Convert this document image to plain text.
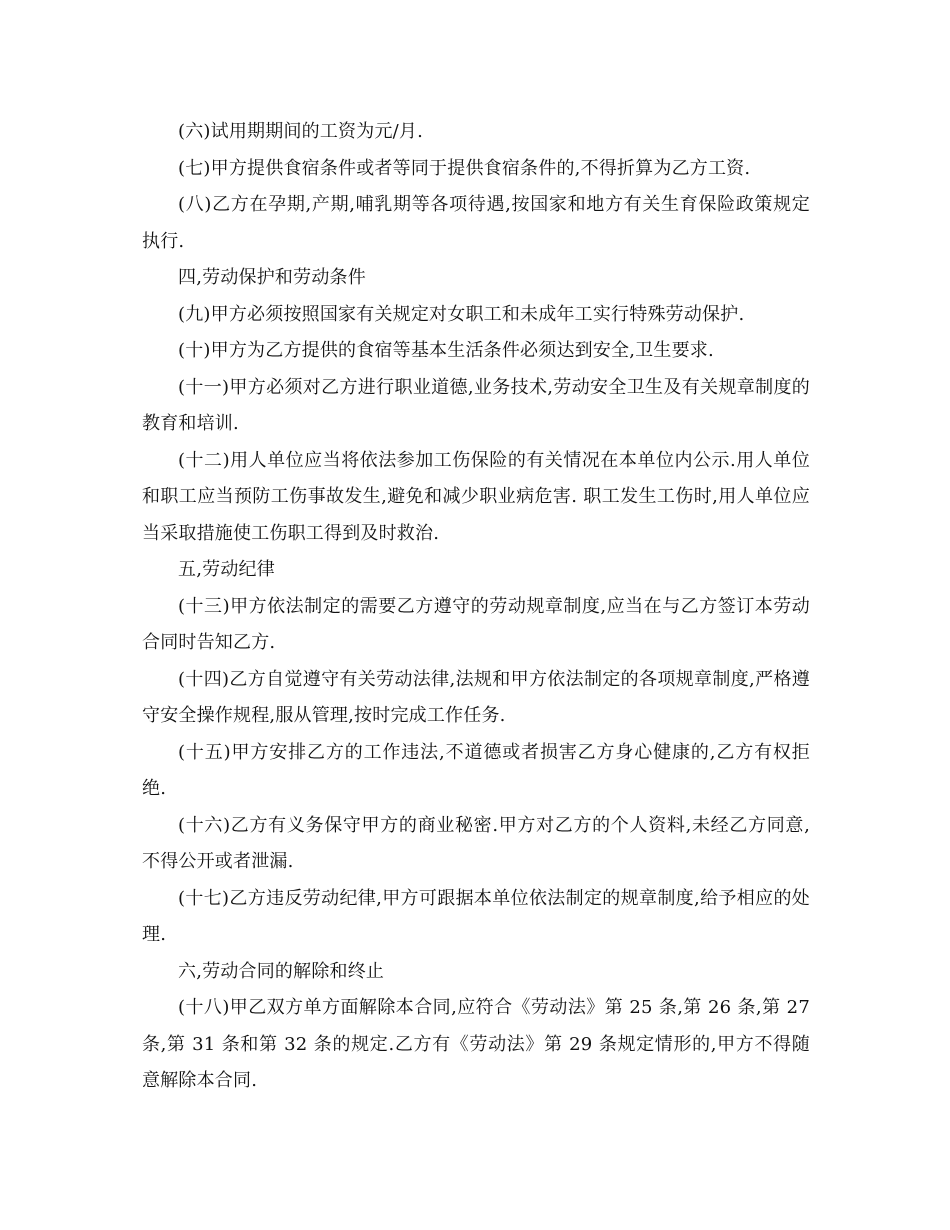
(六)试用期期间的工资为元/月.

(七)甲方提供食宿条件或者等同于提供食宿条件的,不得折算为乙方工资.

(八)乙方在孕期,产期,哺乳期等各项待遇,按国家和地方有关生育保险政策规定执行.

四,劳动保护和劳动条件

(九)甲方必须按照国家有关规定对女职工和未成年工实行特殊劳动保护.

(十)甲方为乙方提供的食宿等基本生活条件必须达到安全,卫生要求.

(十一)甲方必须对乙方进行职业道德,业务技术,劳动安全卫生及有关规章制度的教育和培训.

(十二)用人单位应当将依法参加工伤保险的有关情况在本单位内公示.用人单位和职工应当预防工伤事故发生,避免和减少职业病危害. 职工发生工伤时,用人单位应当采取措施使工伤职工得到及时救治.

五,劳动纪律

(十三)甲方依法制定的需要乙方遵守的劳动规章制度,应当在与乙方签订本劳动合同时告知乙方.

(十四)乙方自觉遵守有关劳动法律,法规和甲方依法制定的各项规章制度,严格遵守安全操作规程,服从管理,按时完成工作任务.

(十五)甲方安排乙方的工作违法,不道德或者损害乙方身心健康的,乙方有权拒绝.

(十六)乙方有义务保守甲方的商业秘密.甲方对乙方的个人资料,未经乙方同意,不得公开或者泄漏.

(十七)乙方违反劳动纪律,甲方可跟据本单位依法制定的规章制度,给予相应的处理.

六,劳动合同的解除和终止

(十八)甲乙双方单方面解除本合同,应符合《劳动法》第 25 条,第 26 条,第 27 条,第 31 条和第 32 条的规定.乙方有《劳动法》第 29 条规定情形的,甲方不得随意解除本合同.
